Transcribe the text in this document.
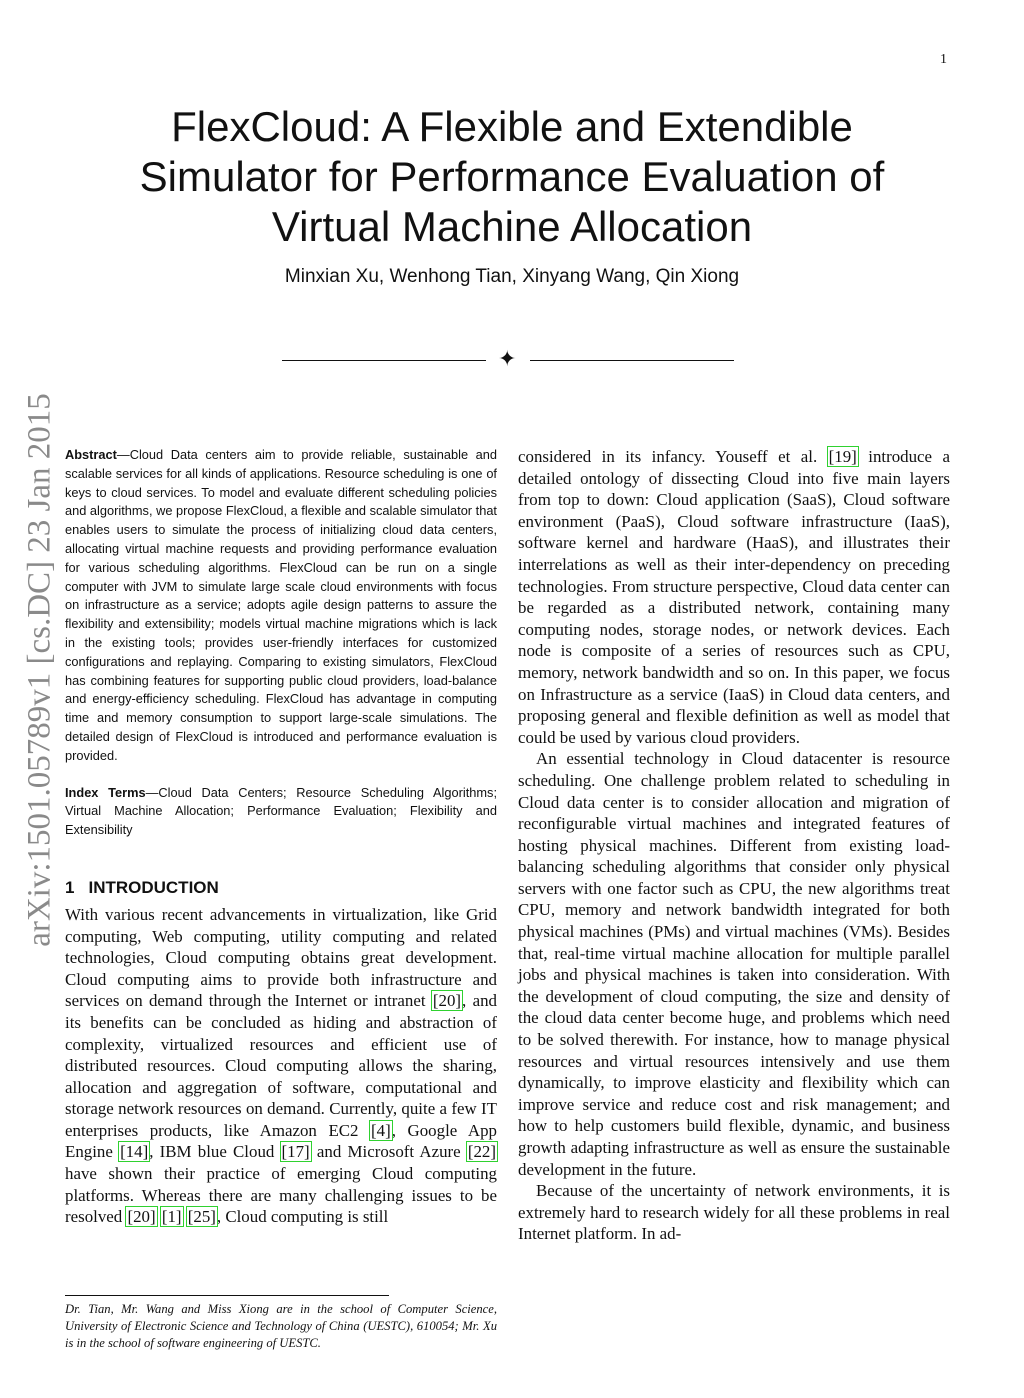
1
FlexCloud: A Flexible and Extendible
Simulator for Performance Evaluation of
Virtual Machine Allocation
Minxian Xu, Wenhong Tian, Xinyang Wang, Qin Xiong
✦
arXiv:1501.05789v1 [cs.DC] 23 Jan 2015 Abstract—Cloud Data centers aim to provide reliable, sustainable and scalable services for all kinds of applications. Resource scheduling is one of keys to cloud services. To model and evaluate different scheduling policies and algorithms, we propose FlexCloud, a flexible and scalable simulator that enables users to simulate the process of initializing cloud data centers, allocating virtual machine requests and providing performance evaluation for various scheduling algorithms. FlexCloud can be run on a single computer with JVM to simulate large scale cloud environments with focus on infrastructure as a service; adopts agile design patterns to assure the flexibility and extensibility; models virtual machine migrations which is lack in the existing tools; provides user-friendly interfaces for customized configurations and replaying. Comparing to existing simulators, FlexCloud has combining features for supporting public cloud providers, load-balance and energy-efficiency scheduling. FlexCloud has advantage in computing time and memory consumption to support large-scale simulations. The detailed design of FlexCloud is introduced and performance evaluation is provided.

Index Terms—Cloud Data Centers; Resource Scheduling Algorithms; Virtual Machine Allocation; Performance Evaluation; Flexibility and Extensibility

1 INTRODUCTION

With various recent advancements in virtualization, like Grid computing, Web computing, utility computing and related technologies, Cloud computing obtains great development. Cloud computing aims to provide both infrastructure and services on demand through the Internet or intranet [20], and its benefits can be concluded as hiding and abstraction of complexity, virtualized resources and efficient use of distributed resources. Cloud computing allows the sharing, allocation and aggregation of software, computational and storage network resources on demand. Currently, quite a few IT enterprises products, like Amazon EC2 [4], Google App Engine [14], IBM blue Cloud [17] and Microsoft Azure [22] have shown their practice of emerging Cloud computing platforms. Whereas there are many challenging issues to be resolved [20] [1] [25], Cloud computing is still

considered in its infancy. Youseff et al. [19] introduce a detailed ontology of dissecting Cloud into five main layers from top to down: Cloud application (SaaS), Cloud software environment (PaaS), Cloud software infrastructure (IaaS), software kernel and hardware (HaaS), and illustrates their interrelations as well as their inter-dependency on preceding technologies. From structure perspective, Cloud data center can be regarded as a distributed network, containing many computing nodes, storage nodes, or network devices. Each node is composite of a series of resources such as CPU, memory, network bandwidth and so on. In this paper, we focus on Infrastructure as a service (IaaS) in Cloud data centers, and proposing general and flexible definition as well as model that could be used by various cloud providers.

An essential technology in Cloud datacenter is resource scheduling. One challenge problem related to scheduling in Cloud data center is to consider allocation and migration of reconfigurable virtual machines and integrated features of hosting physical machines. Different from existing load-balancing scheduling algorithms that consider only physical servers with one factor such as CPU, the new algorithms treat CPU, memory and network bandwidth integrated for both physical machines (PMs) and virtual machines (VMs). Besides that, real-time virtual machine allocation for multiple parallel jobs and physical machines is taken into consideration. With the development of cloud computing, the size and density of the cloud data center become huge, and problems which need to be solved therewith. For instance, how to manage physical resources and virtual resources intensively and use them dynamically, to improve elasticity and flexibility which can improve service and reduce cost and risk management; and how to help customers build flexible, dynamic, and business growth adapting infrastructure as well as ensure the sustainable development in the future.

Because of the uncertainty of network environments, it is extremely hard to research widely for all these problems in real Internet platform. In ad-

Dr. Tian, Mr. Wang and Miss Xiong are in the school of Computer Science, University of Electronic Science and Technology of China (UESTC), 610054; Mr. Xu is in the school of software engineering of UESTC.
